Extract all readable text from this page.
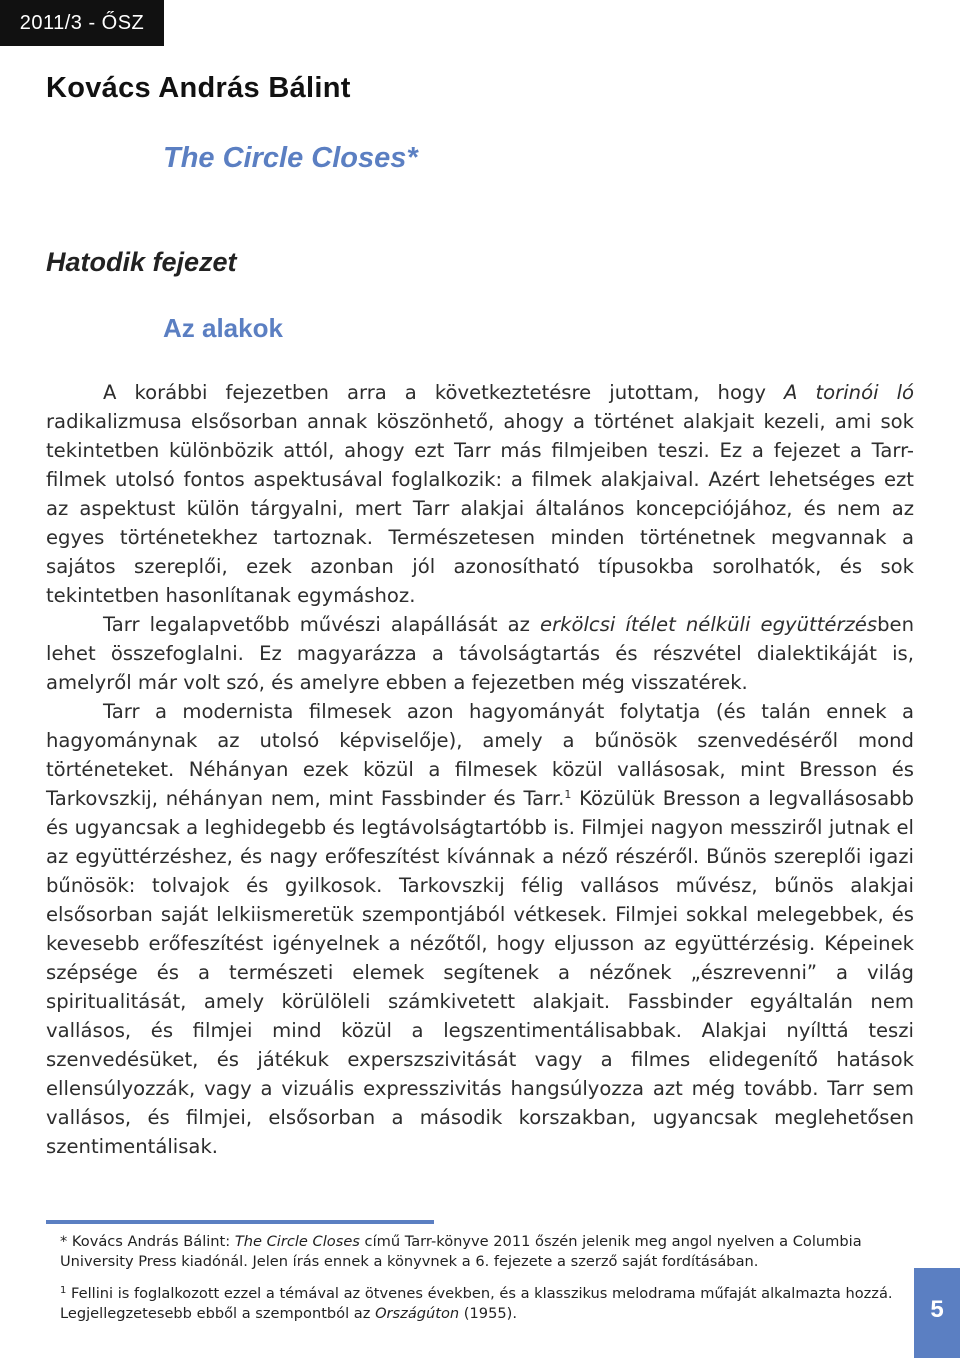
2011/3 - ŐSZ
Kovács András Bálint
The Circle Closes*
Hatodik fejezet
Az alakok

A korábbi fejezetben arra a következtetésre jutottam, hogy A torinói ló radikalizmusa elsősorban annak köszönhető, ahogy a történet alakjait kezeli, ami sok tekintetben különbözik attól, ahogy ezt Tarr más filmjeiben teszi. Ez a fejezet a Tarr-filmek utolsó fontos aspektusával foglalkozik: a filmek alakjaival. Azért lehetséges ezt az aspektust külön tárgyalni, mert Tarr alakjai általános koncepciójához, és nem az egyes történetekhez tartoznak. Természetesen minden történetnek megvannak a sajátos szereplői, ezek azonban jól azonosítható típusokba sorolhatók, és sok tekintetben hasonlítanak egymáshoz.

Tarr legalapvetőbb művészi alapállását az erkölcsi ítélet nélküli együttérzésben lehet összefoglalni. Ez magyarázza a távolságtartás és részvétel dialektikáját is, amelyről már volt szó, és amelyre ebben a fejezetben még visszatérek.

Tarr a modernista filmesek azon hagyományát folytatja (és talán ennek a hagyománynak az utolsó képviselője), amely a bűnösök szenvedéséről mond történeteket. Néhányan ezek közül a filmesek közül vallásosak, mint Bresson és Tarkovszkij, néhányan nem, mint Fassbinder és Tarr.$^1$ Közülük Bresson a legvallásosabb és ugyancsak a leghidegebb és legtávolságtartóbb is. Filmjei nagyon messziről jutnak el az együttérzéshez, és nagy erőfeszítést kívánnak a néző részéről. Bűnös szereplői igazi bűnösök: tolvajok és gyilkosok. Tarkovszkij félig vallásos művész, bűnös alakjai elsősorban saját lelkiismeretük szempontjából vétkesek. Filmjei sokkal melegebbek, és kevesebb erőfeszítést igényelnek a nézőtől, hogy eljusson az együttérzésig. Képeinek szépsége és a természeti elemek segítenek a nézőnek „észrevenni” a világ spiritualitását, amely körülöleli számkivetett alakjait. Fassbinder egyáltalán nem vallásos, és filmjei mind közül a legszentimentálisabbak. Alakjai nyílttá teszi szenvedésüket, és játékuk experszszivitását vagy a filmes elidegenítő hatások ellensúlyozzák, vagy a vizuális expresszivitás hangsúlyozza azt még tovább. Tarr sem vallásos, és filmjei, elsősorban a második korszakban, ugyancsak meglehetősen szentimentálisak.

* Kovács András Bálint: The Circle Closes című Tarr-könyve 2011 őszén jelenik meg angol nyelven a Columbia University Press kiadónál. Jelen írás ennek a könyvnek a 6. fejezete a szerző saját fordításában.

$^1$ Fellini is foglalkozott ezzel a témával az ötvenes években, és a klasszikus melodrama műfaját alkalmazta hozzá. Legjellegzetesebb ebből a szempontból az Országúton (1955).	5
